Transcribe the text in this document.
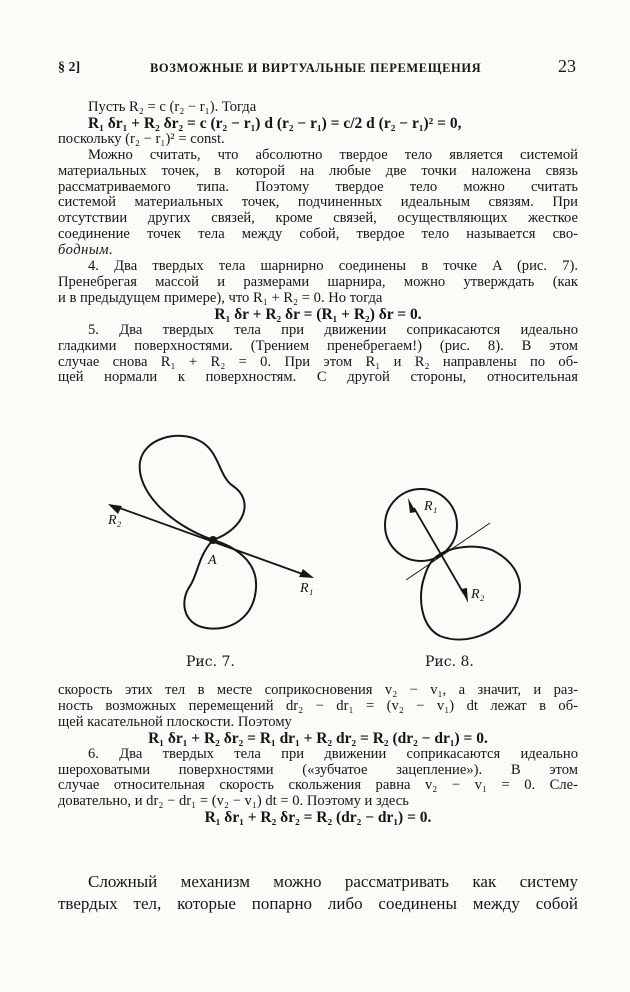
§ 2]	ВОЗМОЖНЫЕ И ВИРТУАЛЬНЫЕ ПЕРЕМЕЩЕНИЯ	23
Пусть R₂ = c (r₂ − r₁). Тогда
R₁ δr₁ + R₂ δr₂ = c (r₂ − r₁) d (r₂ − r₁) = c/2 d (r₂ − r₁)² = 0,
поскольку (r₂ − r₁)² = const.
Можно считать, что абсолютно твердое тело является системой
материальных точек, в которой на любые две точки наложена связь
рассматриваемого типа. Поэтому твердое тело можно считать
системой материальных точек, подчиненных идеальным связям. При
отсутствии других связей, кроме связей, осуществляющих жесткое
соединение точек тела между собой, твердое тело называется сво-
бодным.
4. Два твердых тела шарнирно соединены в точке A (рис. 7).
Пренебрегая массой и размерами шарнира, можно утверждать (как
и в предыдущем примере), что R₁ + R₂ = 0. Но тогда
R₁ δr + R₂ δr = (R₁ + R₂) δr = 0.
5. Два твердых тела при движении соприкасаются идеально
гладкими поверхностями. (Трением пренебрегаем!) (рис. 8). В этом
случае снова R₁ + R₂ = 0. При этом R₁ и R₂ направлены по об-
щей нормали к поверхностям. С другой стороны, относительная
R₂
R₁
A
Рис. 7.
R₁
R₂
Рис. 8.
скорость этих тел в месте соприкосновения v₂ − v₁, а значит, и раз-
ность возможных перемещений dr₂ − dr₁ = (v₂ − v₁) dt лежат в об-
щей касательной плоскости. Поэтому
R₁ δr₁ + R₂ δr₂ = R₁ dr₁ + R₂ dr₂ = R₂ (dr₂ − dr₁) = 0.
6. Два твердых тела при движении соприкасаются идеально
шероховатыми поверхностями («зубчатое зацепление»). В этом
случае относительная скорость скольжения равна v₂ − v₁ = 0. Сле-
довательно, и dr₂ − dr₁ = (v₂ − v₁) dt = 0. Поэтому и здесь
R₁ δr₁ + R₂ δr₂ = R₂ (dr₂ − dr₁) = 0.
Сложный механизм можно рассматривать как систему
твердых тел, которые попарно либо соединены между собой
